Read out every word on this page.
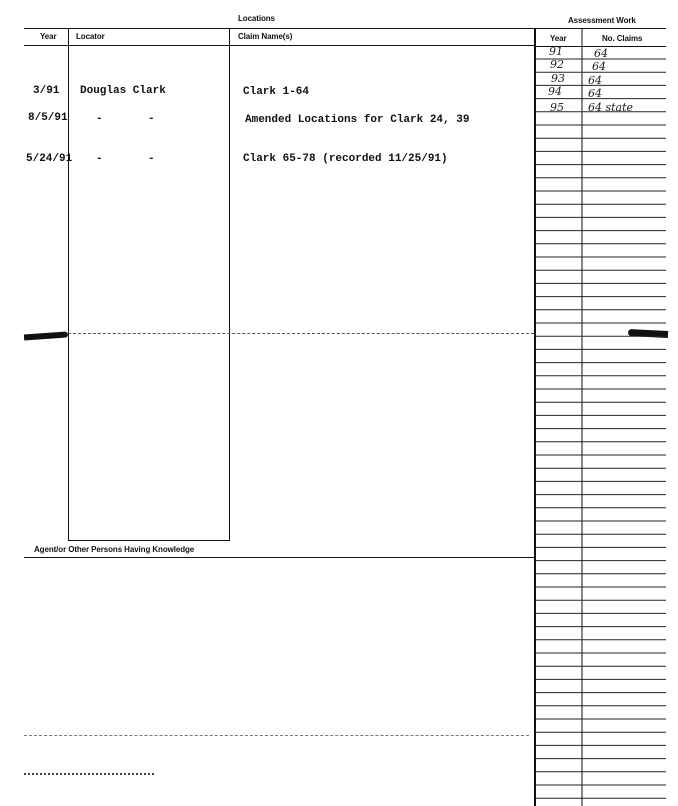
Locations	Assessment Work
Year Locator	Claim Name(s)	Year	No. Claims
3/91 Douglas Clark	Clark 1-64
8/5/91	-	-	Amended Locations for Clark 24, 39
5/24/91 -	-	Clark 65-78 (recorded 11/25/91)
Agent/or Other Persons Having Knowledge
91	64
92	64
93 64
94 64
95 64 state
